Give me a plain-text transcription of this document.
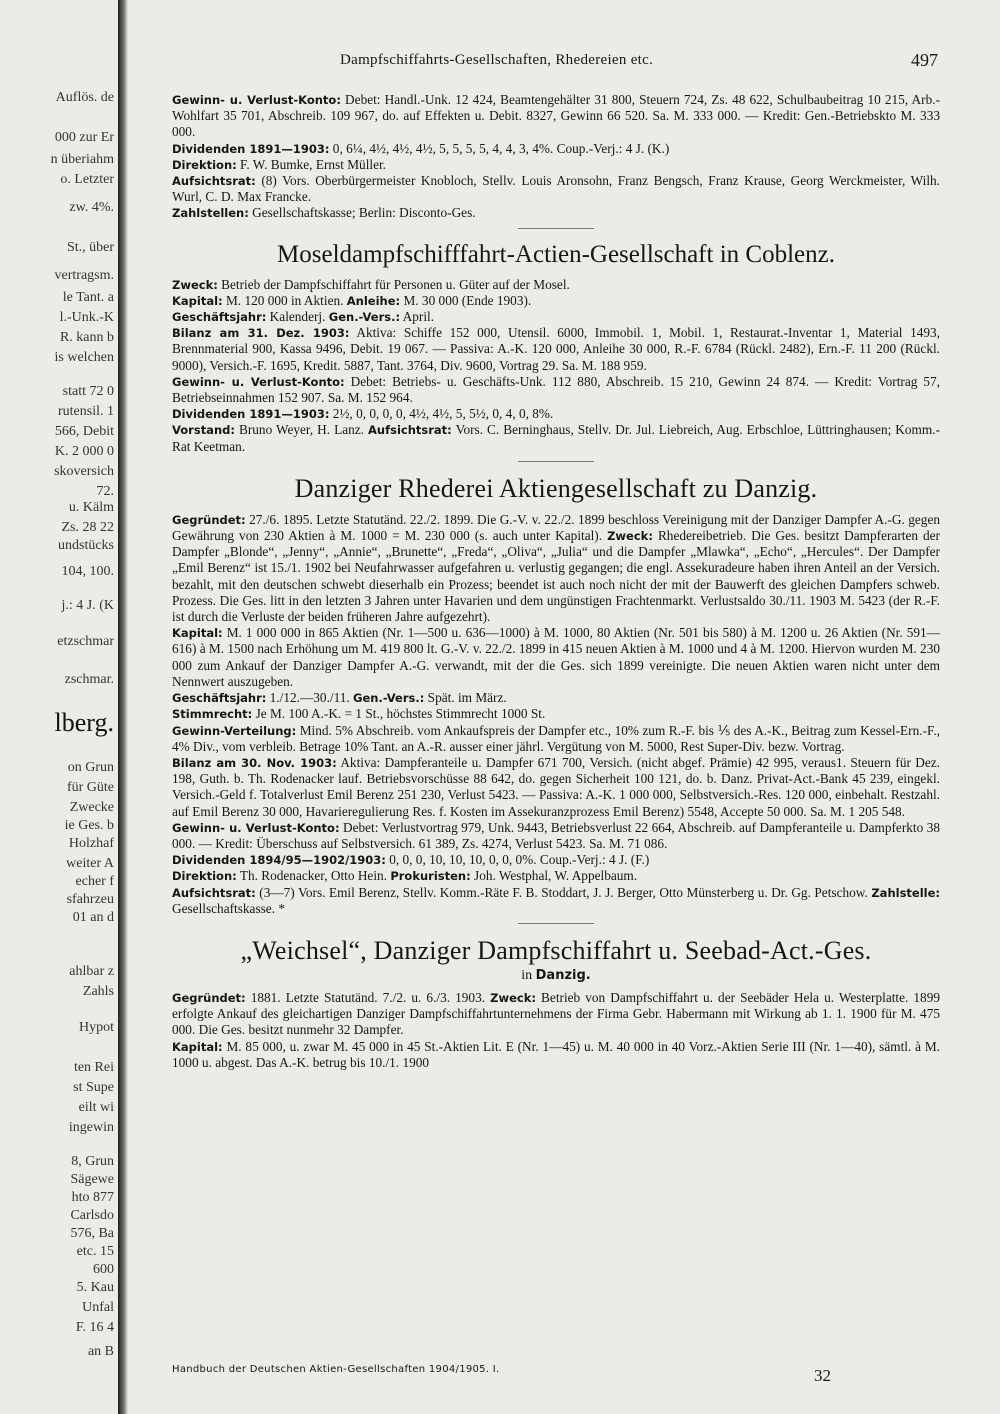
Auflös. de
000 zur Er
n überiahm
o. Letzter
zw. 4%.
St., über
vertragsm.
le Tant. a
l.-Unk.-K
R. kann b
is welchen
statt 72 0
rutensil. 1
566, Debit
K. 2 000 0
skoversich
72.
u. Kälm
Zs. 28 22
undstücks
104, 100.
j.: 4 J. (K
etzschmar
zschmar.
lberg.
on Grun
für Güte
Zwecke
ie Ges. b
Holzhaf
weiter A
echer f
sfahrzeu
01 an d
ahlbar z
Zahls
Hypot
ten Rei
st Supe
eilt wi
ingewin
8, Grun
Sägewe
hto 877
Carlsdo
576, Ba
etc. 15
600
5. Kau
Unfal
F. 16 4
an B
Dampfschiffahrts-Gesellschaften, Rhedereien etc.	497

Gewinn- u. Verlust-Konto: Debet: Handl.-Unk. 12 424, Beamtengehälter 31 800, Steuern 724, Zs. 48 622, Schulbaubeitrag 10 215, Arb.-Wohlfart 35 701, Abschreib. 109 967, do. auf Effekten u. Debit. 8327, Gewinn 66 520. Sa. M. 333 000. — Kredit: Gen.-Betriebskto M. 333 000.

Dividenden 1891—1903: 0, 6¼, 4½, 4½, 4½, 5, 5, 5, 5, 4, 4, 3, 4%. Coup.-Verj.: 4 J. (K.)

Direktion: F. W. Bumke, Ernst Müller.

Aufsichtsrat: (8) Vors. Oberbürgermeister Knobloch, Stellv. Louis Aronsohn, Franz Bengsch, Franz Krause, Georg Werckmeister, Wilh. Wurl, C. D. Max Francke.

Zahlstellen: Gesellschaftskasse; Berlin: Disconto-Ges.

Moseldampfschifffahrt-Actien-Gesellschaft in Coblenz.

Zweck: Betrieb der Dampfschiffahrt für Personen u. Güter auf der Mosel.

Kapital: M. 120 000 in Aktien. Anleihe: M. 30 000 (Ende 1903).

Geschäftsjahr: Kalenderj. Gen.-Vers.: April.

Bilanz am 31. Dez. 1903: Aktiva: Schiffe 152 000, Utensil. 6000, Immobil. 1, Mobil. 1, Restaurat.-Inventar 1, Material 1493, Brennmaterial 900, Kassa 9496, Debit. 19 067. — Passiva: A.-K. 120 000, Anleihe 30 000, R.-F. 6784 (Rückl. 2482), Ern.-F. 11 200 (Rückl. 9000), Versich.-F. 1695, Kredit. 5887, Tant. 3764, Div. 9600, Vortrag 29. Sa. M. 188 959.

Gewinn- u. Verlust-Konto: Debet: Betriebs- u. Geschäfts-Unk. 112 880, Abschreib. 15 210, Gewinn 24 874. — Kredit: Vortrag 57, Betriebseinnahmen 152 907. Sa. M. 152 964.

Dividenden 1891—1903: 2½, 0, 0, 0, 0, 4½, 4½, 5, 5½, 0, 4, 0, 8%.

Vorstand: Bruno Weyer, H. Lanz. Aufsichtsrat: Vors. C. Berninghaus, Stellv. Dr. Jul. Liebreich, Aug. Erbschloe, Lüttringhausen; Komm.-Rat Keetman.

Danziger Rhederei Aktiengesellschaft zu Danzig.

Gegründet: 27./6. 1895. Letzte Statutänd. 22./2. 1899. Die G.-V. v. 22./2. 1899 beschloss Vereinigung mit der Danziger Dampfer A.-G. gegen Gewährung von 230 Aktien à M. 1000 = M. 230 000 (s. auch unter Kapital). Zweck: Rhedereibetrieb. Die Ges. besitzt Dampferarten der Dampfer „Blonde“, „Jenny“, „Annie“, „Brunette“, „Freda“, „Oliva“, „Julia“ und die Dampfer „Mlawka“, „Echo“, „Hercules“. Der Dampfer „Emil Berenz“ ist 15./1. 1902 bei Neufahrwasser aufgefahren u. verlustig gegangen; die engl. Assekuradeure haben ihren Anteil an der Versich. bezahlt, mit den deutschen schwebt dieserhalb ein Prozess; beendet ist auch noch nicht der mit der Bauwerft des gleichen Dampfers schweb. Prozess. Die Ges. litt in den letzten 3 Jahren unter Havarien und dem ungünstigen Frachtenmarkt. Verlustsaldo 30./11. 1903 M. 5423 (der R.-F. ist durch die Verluste der beiden früheren Jahre aufgezehrt).

Kapital: M. 1 000 000 in 865 Aktien (Nr. 1—500 u. 636—1000) à M. 1000, 80 Aktien (Nr. 501 bis 580) à M. 1200 u. 26 Aktien (Nr. 591—616) à M. 1500 nach Erhöhung um M. 419 800 lt. G.-V. v. 22./2. 1899 in 415 neuen Aktien à M. 1000 und 4 à M. 1200. Hiervon wurden M. 230 000 zum Ankauf der Danziger Dampfer A.-G. verwandt, mit der die Ges. sich 1899 vereinigte. Die neuen Aktien waren nicht unter dem Nennwert auszugeben.

Geschäftsjahr: 1./12.—30./11. Gen.-Vers.: Spät. im März.

Stimmrecht: Je M. 100 A.-K. = 1 St., höchstes Stimmrecht 1000 St.

Gewinn-Verteilung: Mind. 5% Abschreib. vom Ankaufspreis der Dampfer etc., 10% zum R.-F. bis ⅕ des A.-K., Beitrag zum Kessel-Ern.-F., 4% Div., vom verbleib. Betrage 10% Tant. an A.-R. ausser einer jährl. Vergütung von M. 5000, Rest Super-Div. bezw. Vortrag.

Bilanz am 30. Nov. 1903: Aktiva: Dampferanteile u. Dampfer 671 700, Versich. (nicht abgef. Prämie) 42 995, veraus1. Steuern für Dez. 198, Guth. b. Th. Rodenacker lauf. Betriebsvorschüsse 88 642, do. gegen Sicherheit 100 121, do. b. Danz. Privat-Act.-Bank 45 239, eingekl. Versich.-Geld f. Totalverlust Emil Berenz 251 230, Verlust 5423. — Passiva: A.-K. 1 000 000, Selbstversich.-Res. 120 000, einbehalt. Restzahl. auf Emil Berenz 30 000, Havarieregulierung Res. f. Kosten im Assekuranzprozess Emil Berenz) 5548, Accepte 50 000. Sa. M. 1 205 548.

Gewinn- u. Verlust-Konto: Debet: Verlustvortrag 979, Unk. 9443, Betriebsverlust 22 664, Abschreib. auf Dampferanteile u. Dampferkto 38 000. — Kredit: Überschuss auf Selbstversich. 61 389, Zs. 4274, Verlust 5423. Sa. M. 71 086.

Dividenden 1894/95—1902/1903: 0, 0, 0, 10, 10, 10, 0, 0, 0%. Coup.-Verj.: 4 J. (F.)

Direktion: Th. Rodenacker, Otto Hein. Prokuristen: Joh. Westphal, W. Appelbaum.

Aufsichtsrat: (3—7) Vors. Emil Berenz, Stellv. Komm.-Räte F. B. Stoddart, J. J. Berger, Otto Münsterberg u. Dr. Gg. Petschow. Zahlstelle: Gesellschaftskasse. *

„Weichsel“, Danziger Dampfschiffahrt u. Seebad-Act.-Ges.
in Danzig.

Gegründet: 1881. Letzte Statutänd. 7./2. u. 6./3. 1903. Zweck: Betrieb von Dampfschiffahrt u. der Seebäder Hela u. Westerplatte. 1899 erfolgte Ankauf des gleichartigen Danziger Dampfschiffahrtunternehmens der Firma Gebr. Habermann mit Wirkung ab 1. 1. 1900 für M. 475 000. Die Ges. besitzt nunmehr 32 Dampfer.

Kapital: M. 85 000, u. zwar M. 45 000 in 45 St.-Aktien Lit. E (Nr. 1—45) u. M. 40 000 in 40 Vorz.-Aktien Serie III (Nr. 1—40), sämtl. à M. 1000 u. abgest. Das A.-K. betrug bis 10./1. 1900

Handbuch der Deutschen Aktien-Gesellschaften 1904/1905. I.	32
